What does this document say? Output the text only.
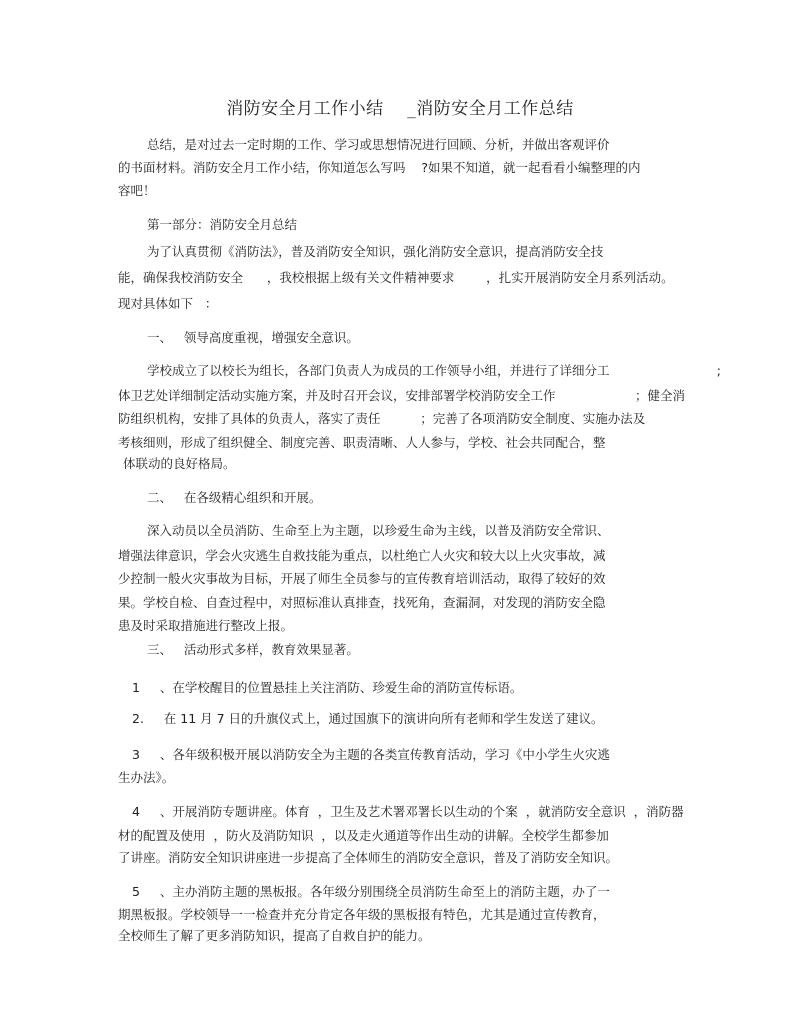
消防安全月工作小结    _消防安全月工作总结
总结，是对过去一定时期的工作、学习或思想情况进行回顾、分析，并做出客观评价
的书面材料。消防安全月工作小结，你知道怎么写吗    ?如果不知道，就一起看看小编整理的内
容吧！
第一部分：消防安全月总结
为了认真贯彻《消防法》，普及消防安全知识，强化消防安全意识，提高消防安全技
能，确保我校消防安全      ，我校根据上级有关文件精神要求        ，扎实开展消防安全月系列活动。
现对具体如下   ：
一、   领导高度重视，增强安全意识。
学校成立了以校长为组长，各部门负责人为成员的工作领导小组，并进行了详细分工                           ;
体卫艺处详细制定活动实施方案，并及时召开会议，安排部署学校消防安全工作                    ；健全消
防组织机构，安排了具体的负责人，落实了责任          ；完善了各项消防安全制度、实施办法及
考核细则，形成了组织健全、制度完善、职责清晰、人人参与，学校、社会共同配合，整
体联动的良好格局。
二、   在各级精心组织和开展。
深入动员以全员消防、生命至上为主题，以珍爱生命为主线，以普及消防安全常识、
增强法律意识，学会火灾逃生自救技能为重点，以杜绝亡人火灾和较大以上火灾事故，减
少控制一般火灾事故为目标，开展了师生全员参与的宣传教育培训活动，取得了较好的效
果。学校自检、自查过程中，对照标准认真排查，找死角，查漏洞，对发现的消防安全隐
患及时采取措施进行整改上报。
三、   活动形式多样，教育效果显著。
1     、在学校醒目的位置悬挂上关注消防、珍爱生命的消防宣传标语。
2.     在 11 月 7 日的升旗仪式上，通过国旗下的演讲向所有老师和学生发送了建议。
3     、各年级积极开展以消防安全为主题的各类宣传教育活动，学习《中小学生火灾逃
生办法》。
4     、开展消防专题讲座。体育  ，卫生及艺术署邓署长以生动的个案  ，就消防安全意识  ，消防器
材的配置及使用  ，防火及消防知识  ，以及走火通道等作出生动的讲解。全校学生都参加
了讲座。消防安全知识讲座进一步提高了全体师生的消防安全意识，普及了消防安全知识。
5     、主办消防主题的黑板报。各年级分别围绕全员消防生命至上的消防主题，办了一
期黑板报。学校领导一一检查并充分肯定各年级的黑板报有特色，尤其是通过宣传教育，
全校师生了解了更多消防知识，提高了自救自护的能力。
